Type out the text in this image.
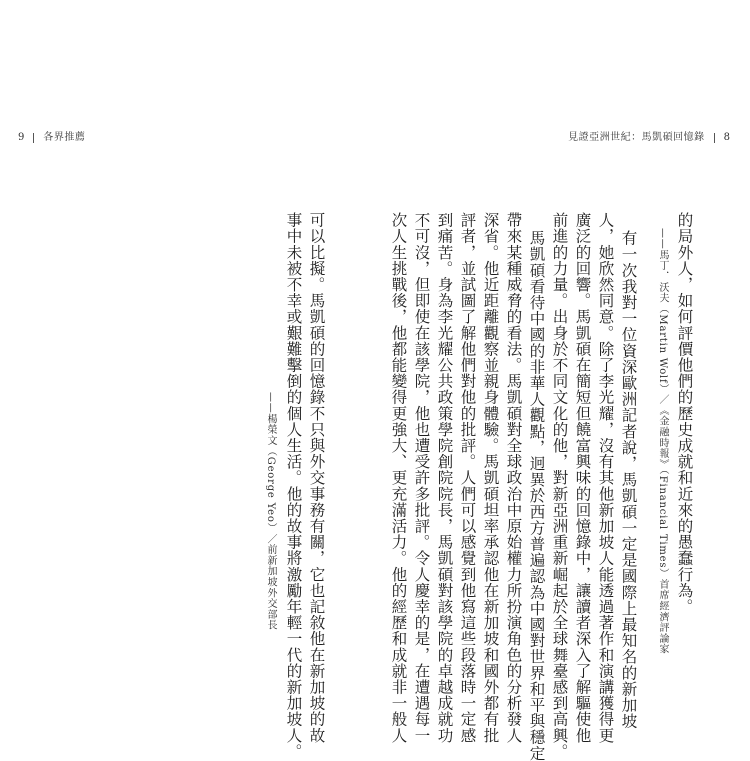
9 各界推薦	見證亞洲世紀：馬凱碩回憶錄 8
的局外人，如何評價他們的歷史成就和近來的愚蠢行為。
——馬丁．沃夫（Martin Wolf）／《金融時報》（Financial Times）首席經濟評論家
有一次我對一位資深歐洲記者說，馬凱碩一定是國際上最知名的新加坡
人，她欣然同意。除了李光耀，沒有其他新加坡人能透過著作和演講獲得更
廣泛的回響。馬凱碩在簡短但饒富興味的回憶錄中，讓讀者深入了解驅使他
前進的力量。出身於不同文化的他，對新亞洲重新崛起於全球舞臺感到高興。
馬凱碩看待中國的非華人觀點，迥異於西方普遍認為中國對世界和平與穩定
帶來某種威脅的看法。馬凱碩對全球政治中原始權力所扮演角色的分析發人
深省。他近距離觀察並親身體驗。馬凱碩坦率承認他在新加坡和國外都有批
評者，並試圖了解他們對他的批評。人們可以感覺到他寫這些段落時一定感
到痛苦。身為李光耀公共政策學院創院院長，馬凱碩對該學院的卓越成就功
不可沒，但即使在該學院，他也遭受許多批評。令人慶幸的是，在遭遇每一
次人生挑戰後，他都能變得更強大、更充滿活力。他的經歷和成就非一般人
可以比擬。馬凱碩的回憶錄不只與外交事務有關，它也記敘他在新加坡的故
事中未被不幸或艱難擊倒的個人生活。他的故事將激勵年輕一代的新加坡人。
——楊榮文（George Yeo）／前新加坡外交部長
